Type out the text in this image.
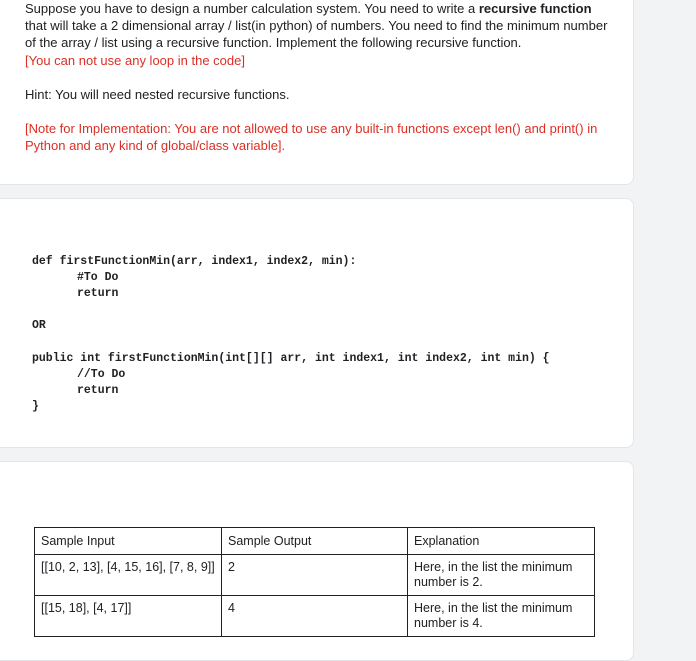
Suppose you have to design a number calculation system. You need to write a recursive function that will take a 2 dimensional array / list(in python) of numbers. You need to find the minimum number of the array / list using a recursive function. Implement the following recursive function.

[You can not use any loop in the code]

Hint: You will need nested recursive functions.

[Note for Implementation: You are not allowed to use any built-in functions except len() and print() in Python and any kind of global/class variable].

def firstFunctionMin(arr, index1, index2, min):
#To Do
return
OR
public int firstFunctionMin(int[][] arr, int index1, int index2, int min) {
//To Do
return
}
Sample Input	Sample Output	Explanation
[[10, 2, 13], [4, 15, 16], [7, 8, 9]]	2	Here, in the list the minimum number is 2.
[[15, 18], [4, 17]]	4	Here, in the list the minimum number is 4.
